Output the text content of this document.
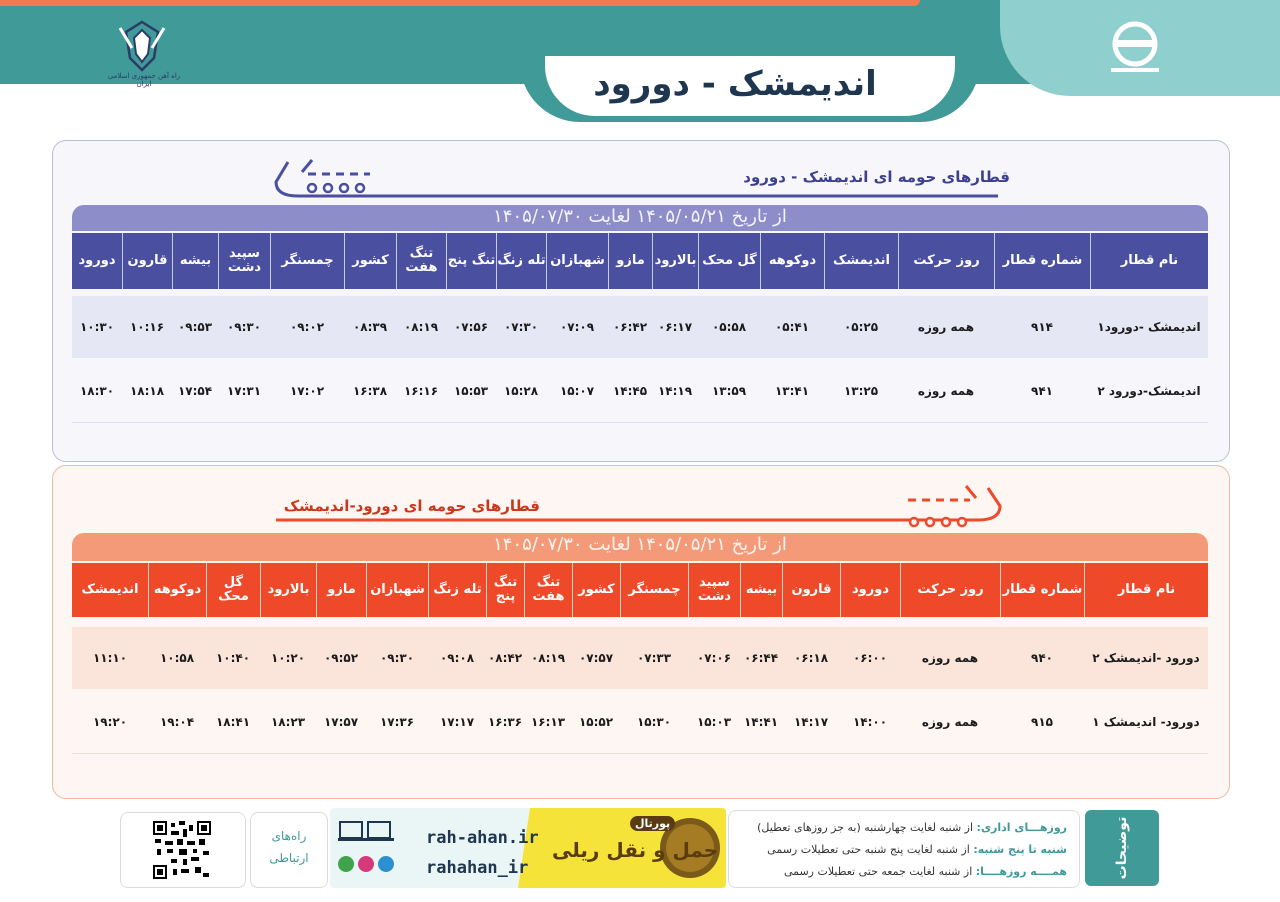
اندیمشک - دورود
راه آهن جمهوری اسلامی ایران
قطارهای حومه ای اندیمشک - دورود
از تاریخ ۱۴۰۵/۰۵/۲۱ لغایت ۱۴۰۵/۰۷/۳۰
نام قطار
شماره قطار
روز حرکت
اندیمشک
دوکوهه
گل محک
بالارود
مازو
شهبازان
تله زنگ
تنگ پنج
تنگ هفت
کشور
چمسنگر
سپید دشت
بیشه
قارون
دورود
اندیمشک -دورود۱
۹۱۴
همه روزه
۰۵:۲۵
۰۵:۴۱
۰۵:۵۸
۰۶:۱۷
۰۶:۴۲
۰۷:۰۹
۰۷:۳۰
۰۷:۵۶
۰۸:۱۹
۰۸:۳۹
۰۹:۰۲
۰۹:۳۰
۰۹:۵۳
۱۰:۱۶
۱۰:۳۰
اندیمشک-دورود ۲
۹۴۱
همه روزه
۱۳:۲۵
۱۳:۴۱
۱۳:۵۹
۱۴:۱۹
۱۴:۴۵
۱۵:۰۷
۱۵:۲۸
۱۵:۵۳
۱۶:۱۶
۱۶:۳۸
۱۷:۰۲
۱۷:۳۱
۱۷:۵۴
۱۸:۱۸
۱۸:۳۰
قطارهای حومه ای دورود-اندیمشک
از تاریخ ۱۴۰۵/۰۵/۲۱ لغایت ۱۴۰۵/۰۷/۳۰
نام قطار
شماره قطار
روز حرکت
دورود
قارون
بیشه
سپید دشت
چمسنگر
کشور
تنگ هفت
تنگ پنج
تله زنگ
شهبازان
مازو
بالارود
گل محک
دوکوهه
اندیمشک
دورود -اندیمشک ۲
۹۴۰
همه روزه
۰۶:۰۰
۰۶:۱۸
۰۶:۴۴
۰۷:۰۶
۰۷:۳۳
۰۷:۵۷
۰۸:۱۹
۰۸:۴۲
۰۹:۰۸
۰۹:۳۰
۰۹:۵۲
۱۰:۲۰
۱۰:۴۰
۱۰:۵۸
۱۱:۱۰
دورود- اندیمشک ۱
۹۱۵
همه روزه
۱۴:۰۰
۱۴:۱۷
۱۴:۴۱
۱۵:۰۳
۱۵:۳۰
۱۵:۵۲
۱۶:۱۳
۱۶:۳۶
۱۷:۱۷
۱۷:۳۶
۱۷:۵۷
۱۸:۲۳
۱۸:۴۱
۱۹:۰۴
۱۹:۲۰
توضیحات
روزهـــای اداری: از شنبه لغایت چهارشنبه (به جز روزهای تعطیل)
شنبه تا پنج شنبه: از شنبه لغایت پنج شنبه حتی تعطیلات رسمی
همــــه روزهــــا: از شنبه لغایت جمعه حتی تعطیلات رسمی
rah-ahan.ir
rahahan_ir
حمل و نقل ریلی
پورتال
راه‌های
ارتباطی
